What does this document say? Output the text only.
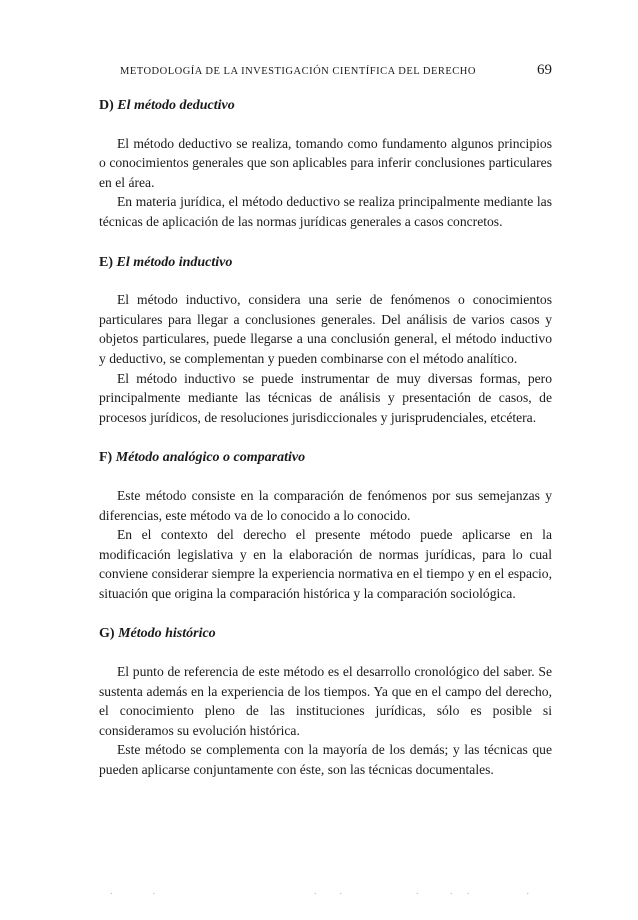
METODOLOGÍA DE LA INVESTIGACIÓN CIENTÍFICA DEL DERECHO	69
D) El método deductivo

El método deductivo se realiza, tomando como fundamento algunos principios o conocimientos generales que son aplicables para inferir conclusiones particulares en el área.

En materia jurídica, el método deductivo se realiza principalmente mediante las técnicas de aplicación de las normas jurídicas generales a casos concretos.

E) El método inductivo

El método inductivo, considera una serie de fenómenos o conocimientos particulares para llegar a conclusiones generales. Del análisis de varios casos y objetos particulares, puede llegarse a una conclusión general, el método inductivo y deductivo, se complementan y pueden combinarse con el método analítico.

El método inductivo se puede instrumentar de muy diversas formas, pero principalmente mediante las técnicas de análisis y presentación de casos, de procesos jurídicos, de resoluciones jurisdiccionales y jurisprudenciales, etcétera.

F) Método analógico o comparativo

Este método consiste en la comparación de fenómenos por sus semejanzas y diferencias, este método va de lo conocido a lo conocido.

En el contexto del derecho el presente método puede aplicarse en la modificación legislativa y en la elaboración de normas jurídicas, para lo cual conviene considerar siempre la experiencia normativa en el tiempo y en el espacio, situación que origina la comparación histórica y la comparación sociológica.

G) Método histórico

El punto de referencia de este método es el desarrollo cronológico del saber. Se sustenta además en la experiencia de los tiempos. Ya que en el campo del derecho, el conocimiento pleno de las instituciones jurídicas, sólo es posible si consideramos su evolución histórica.

Este método se complementa con la mayoría de los demás; y las técnicas que pueden aplicarse conjuntamente con éste, son las técnicas documentales.

.    .                  .  .        .   . .      .
